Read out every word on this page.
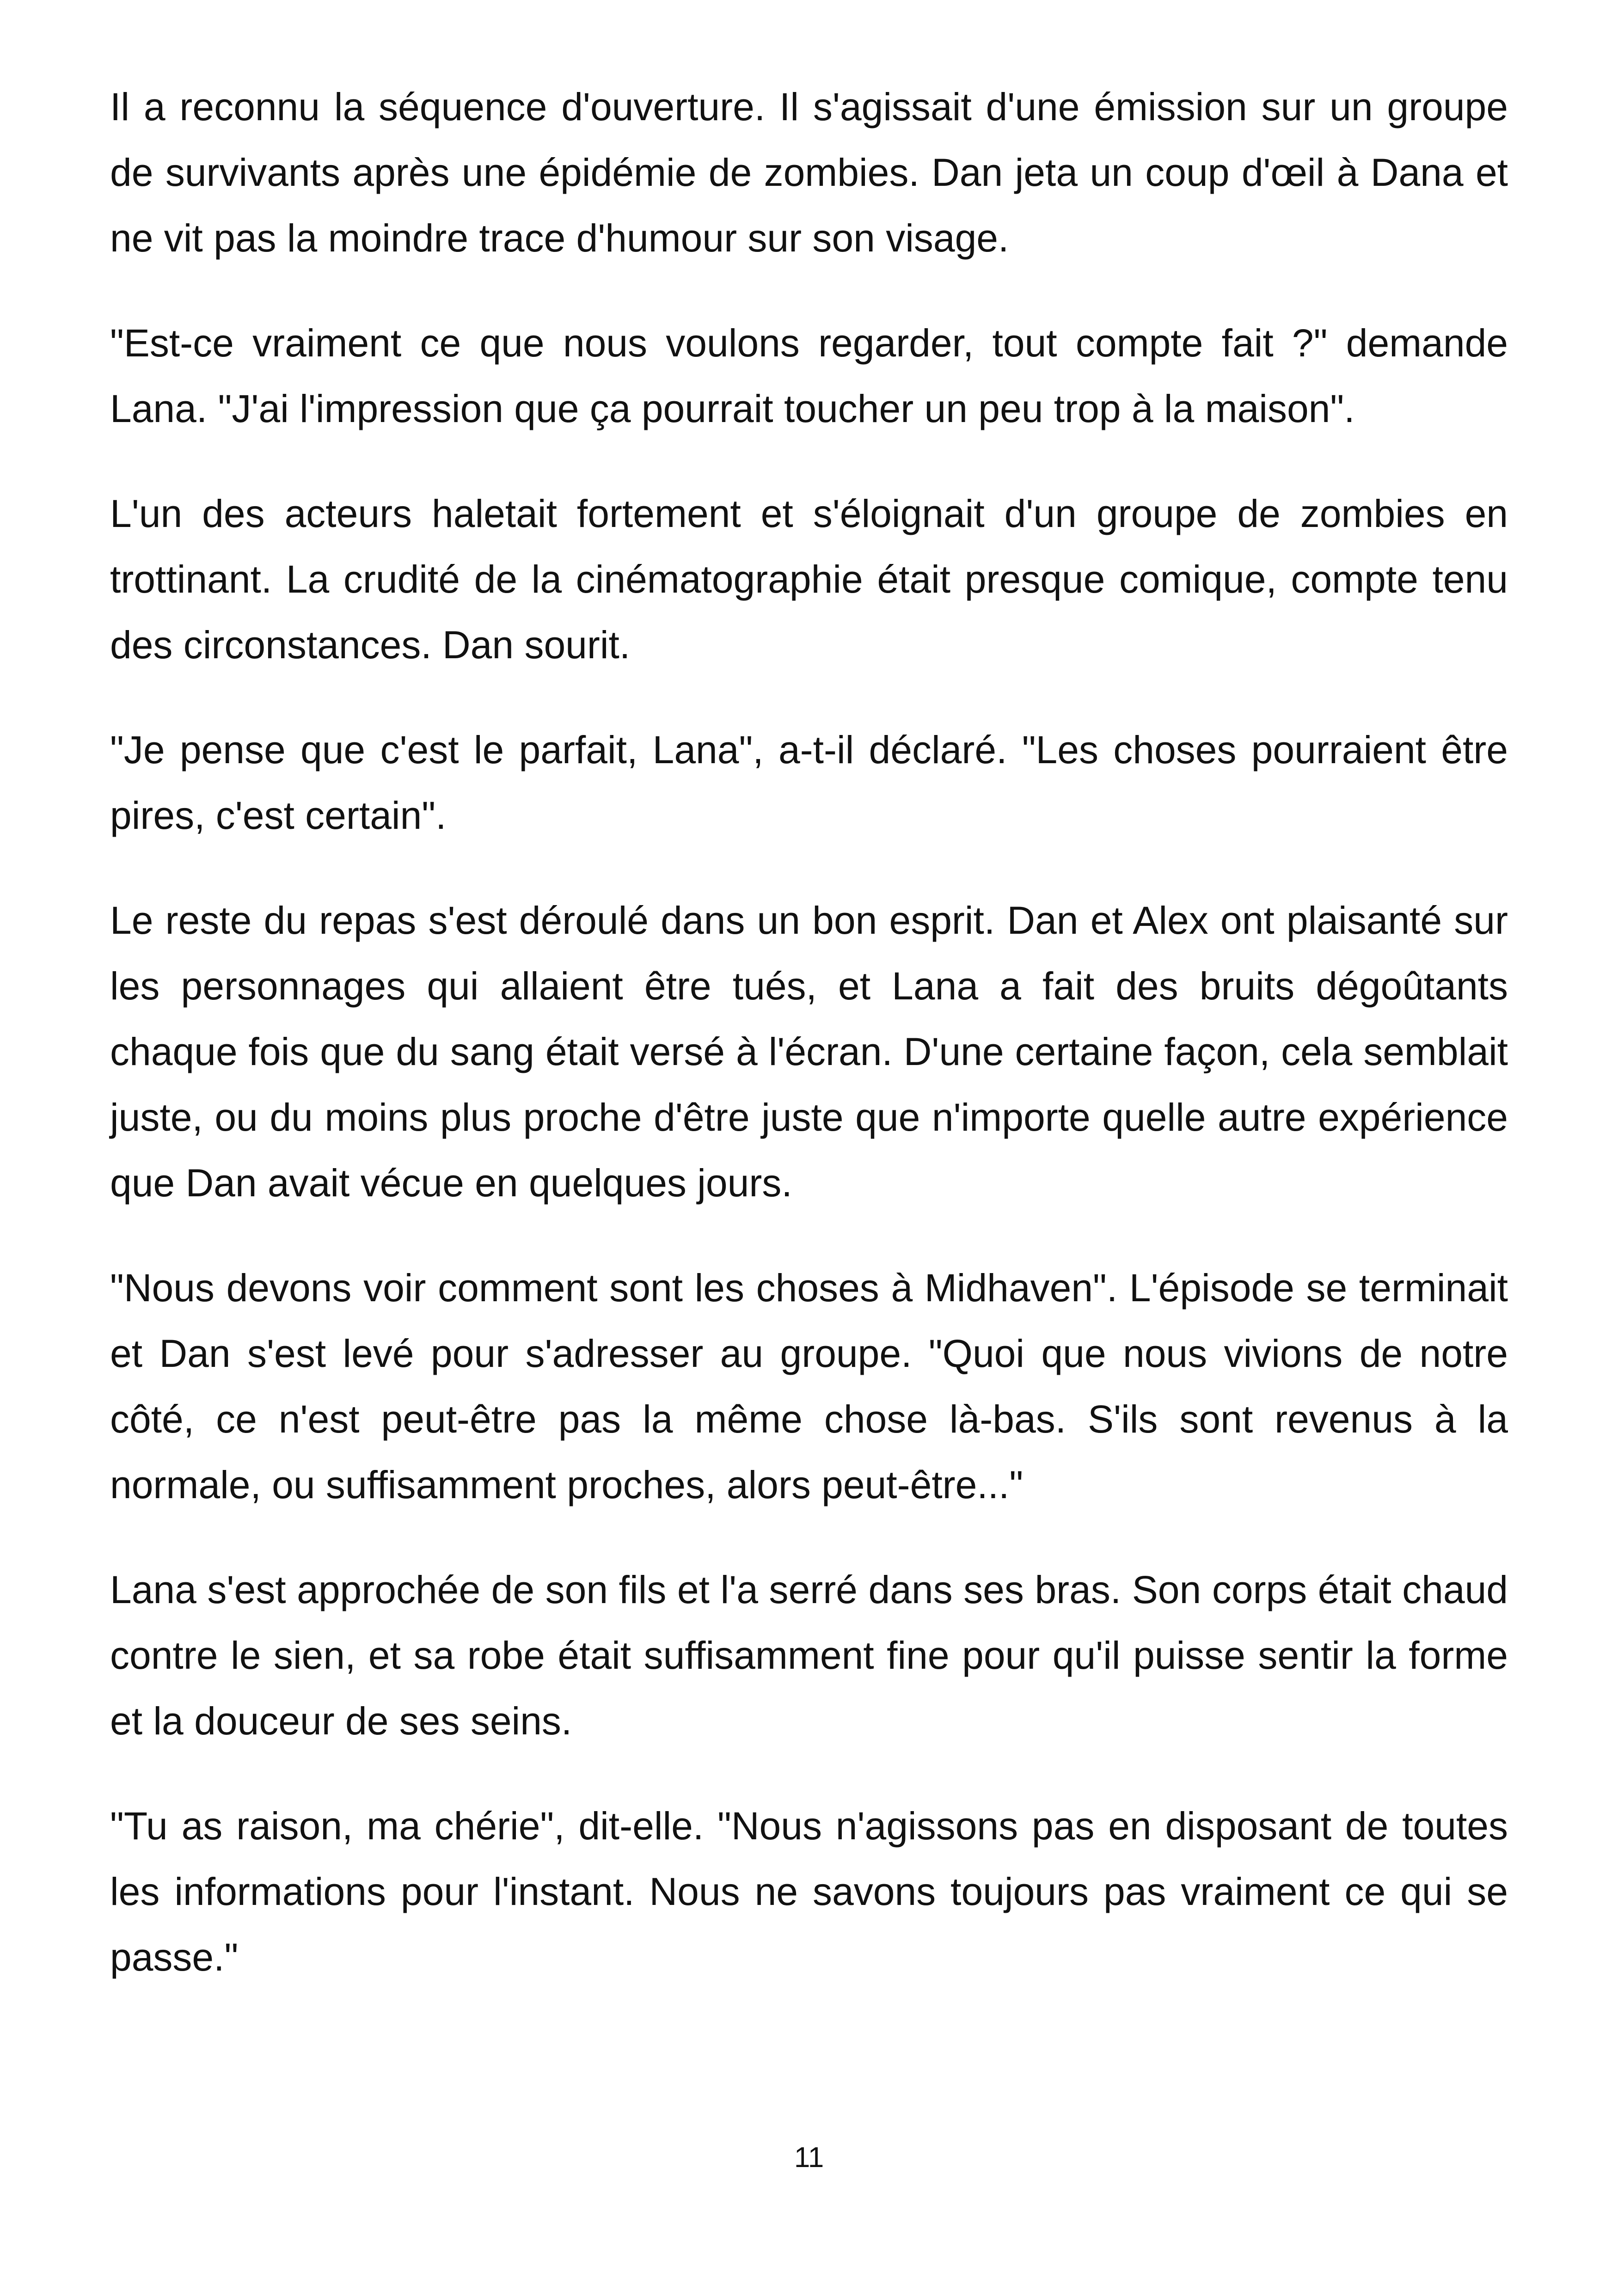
Il a reconnu la séquence d'ouverture. Il s'agissait d'une émission sur un groupe de survivants après une épidémie de zombies. Dan jeta un coup d'œil à Dana et ne vit pas la moindre trace d'humour sur son visage.

"Est-ce vraiment ce que nous voulons regarder, tout compte fait ?" demande Lana. "J'ai l'impression que ça pourrait toucher un peu trop à la maison".

L'un des acteurs haletait fortement et s'éloignait d'un groupe de zombies en trottinant. La crudité de la cinématographie était presque comique, compte tenu des circonstances. Dan sourit.

"Je pense que c'est le parfait, Lana", a-t-il déclaré. "Les choses pourraient être pires, c'est certain".

Le reste du repas s'est déroulé dans un bon esprit. Dan et Alex ont plaisanté sur les personnages qui allaient être tués, et Lana a fait des bruits dégoûtants chaque fois que du sang était versé à l'écran. D'une certaine façon, cela semblait juste, ou du moins plus proche d'être juste que n'importe quelle autre expérience que Dan avait vécue en quelques jours.

"Nous devons voir comment sont les choses à Midhaven". L'épisode se terminait et Dan s'est levé pour s'adresser au groupe. "Quoi que nous vivions de notre côté, ce n'est peut-être pas la même chose là-bas. S'ils sont revenus à la normale, ou suffisamment proches, alors peut-être..."

Lana s'est approchée de son fils et l'a serré dans ses bras. Son corps était chaud contre le sien, et sa robe était suffisamment fine pour qu'il puisse sentir la forme et la douceur de ses seins.

"Tu as raison, ma chérie", dit-elle. "Nous n'agissons pas en disposant de toutes les informations pour l'instant. Nous ne savons toujours pas vraiment ce qui se passe."

11
